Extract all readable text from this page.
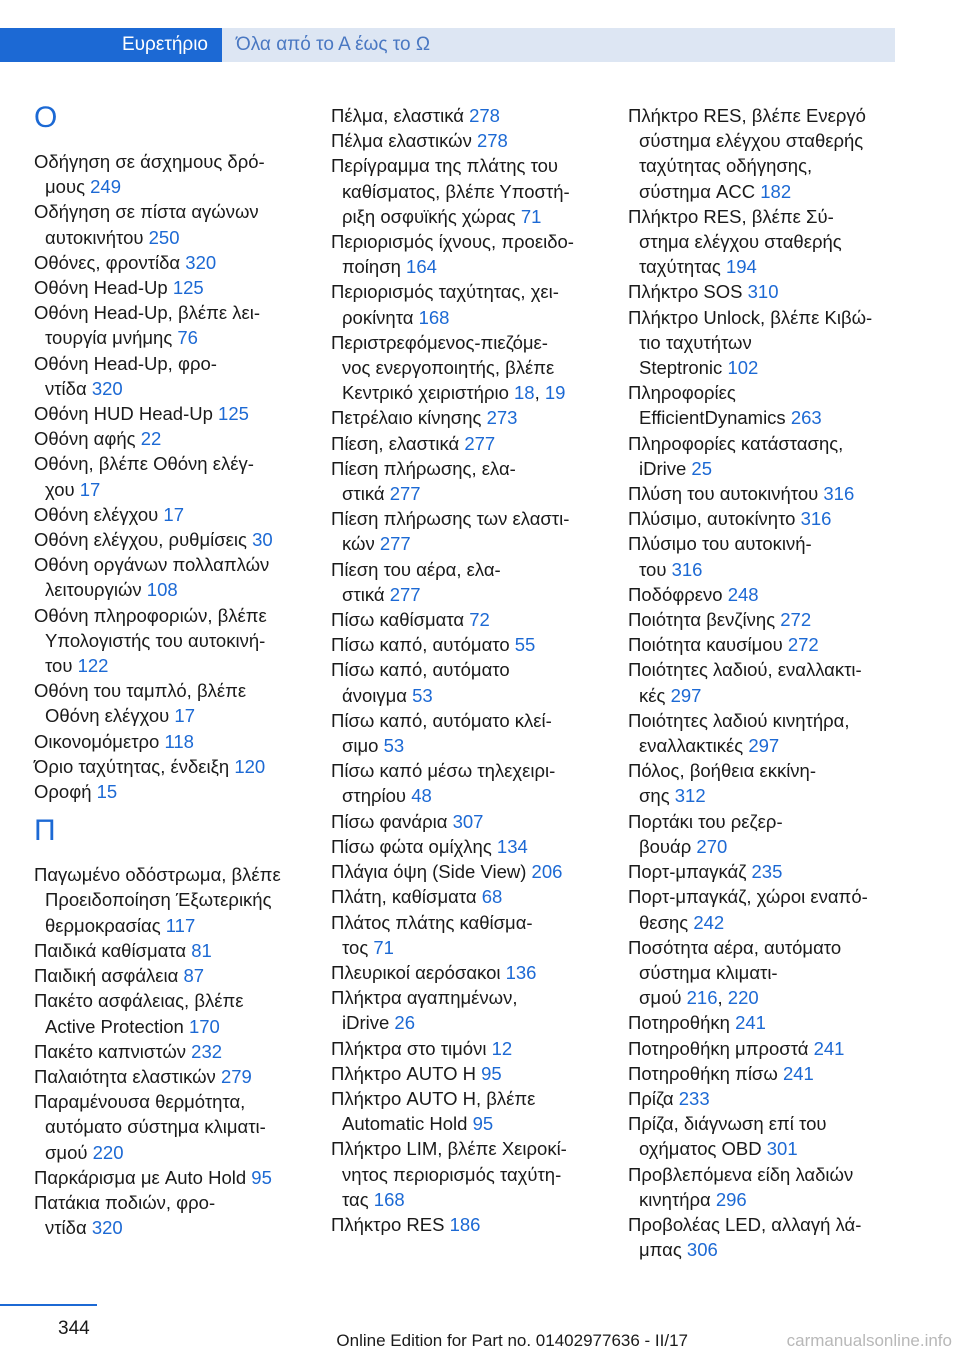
Ευρετήριο	Όλα από το Α έως το Ω
Ο
Οδήγηση σε άσχημους δρό-
μους 249
Οδήγηση σε πίστα αγώνων
αυτοκινήτου 250
Οθόνες, φροντίδα 320
Οθόνη Head-Up 125
Οθόνη Head-Up, βλέπε λει-
τουργία μνήμης 76
Οθόνη Head-Up, φρο-
ντίδα 320
Οθόνη HUD Head-Up 125
Οθόνη αφής 22
Οθόνη, βλέπε Οθόνη ελέγ-
χου 17
Οθόνη ελέγχου 17
Οθόνη ελέγχου, ρυθμίσεις 30
Οθόνη οργάνων πολλαπλών
λειτουργιών 108
Οθόνη πληροφοριών, βλέπε
Υπολογιστής του αυτοκινή-
του 122
Οθόνη του ταμπλό, βλέπε
Οθόνη ελέγχου 17
Οικονομόμετρο 118
Όριο ταχύτητας, ένδειξη 120
Οροφή 15
Π
Παγωμένο οδόστρωμα, βλέπε
Προειδοποίηση Έξωτερικής
θερμοκρασίας 117
Παιδικά καθίσματα 81
Παιδική ασφάλεια 87
Πακέτο ασφάλειας, βλέπε
Active Protection 170
Πακέτο καπνιστών 232
Παλαιότητα ελαστικών 279
Παραμένουσα θερμότητα,
αυτόματο σύστημα κλιματι-
σμού 220
Παρκάρισμα με Auto Hold 95
Πατάκια ποδιών, φρο-
ντίδα 320
Πέλμα, ελαστικά 278
Πέλμα ελαστικών 278
Περίγραμμα της πλάτης του
καθίσματος, βλέπε Υποστή-
ριξη οσφυϊκής χώρας 71
Περιορισμός ίχνους, προειδο-
ποίηση 164
Περιορισμός ταχύτητας, χει-
ροκίνητα 168
Περιστρεφόμενος-πιεζόμε-
νος ενεργοποιητής, βλέπε
Κεντρικό χειριστήριο 18, 19
Πετρέλαιο κίνησης 273
Πίεση, ελαστικά 277
Πίεση πλήρωσης, ελα-
στικά 277
Πίεση πλήρωσης των ελαστι-
κών 277
Πίεση του αέρα, ελα-
στικά 277
Πίσω καθίσματα 72
Πίσω καπό, αυτόματο 55
Πίσω καπό, αυτόματο
άνοιγμα 53
Πίσω καπό, αυτόματο κλεί-
σιμο 53
Πίσω καπό μέσω τηλεχειρι-
στηρίου 48
Πίσω φανάρια 307
Πίσω φώτα ομίχλης 134
Πλάγια όψη (Side View) 206
Πλάτη, καθίσματα 68
Πλάτος πλάτης καθίσμα-
τος 71
Πλευρικοί αερόσακοι 136
Πλήκτρα αγαπημένων,
iDrive 26
Πλήκτρα στο τιμόνι 12
Πλήκτρο AUTO H 95
Πλήκτρο AUTO H, βλέπε
Automatic Hold 95
Πλήκτρο LIM, βλέπε Χειροκί-
νητος περιορισμός ταχύτη-
τας 168
Πλήκτρο RES 186
Πλήκτρο RES, βλέπε Ενεργό
σύστημα ελέγχου σταθερής
ταχύτητας οδήγησης,
σύστημα ACC 182
Πλήκτρο RES, βλέπε Σύ-
στημα ελέγχου σταθερής
ταχύτητας 194
Πλήκτρο SOS 310
Πλήκτρο Unlock, βλέπε Κιβώ-
τιο ταχυτήτων
Steptronic 102
Πληροφορίες
EfficientDynamics 263
Πληροφορίες κατάστασης,
iDrive 25
Πλύση του αυτοκινήτου 316
Πλύσιμο, αυτοκίνητο 316
Πλύσιμο του αυτοκινή-
του 316
Ποδόφρενο 248
Ποιότητα βενζίνης 272
Ποιότητα καυσίμου 272
Ποιότητες λαδιού, εναλλακτι-
κές 297
Ποιότητες λαδιού κινητήρα,
εναλλακτικές 297
Πόλος, βοήθεια εκκίνη-
σης 312
Πορτάκι του ρεζερ-
βουάρ 270
Πορτ-μπαγκάζ 235
Πορτ-μπαγκάζ, χώροι εναπό-
θεσης 242
Ποσότητα αέρα, αυτόματο
σύστημα κλιματι-
σμού 216, 220
Ποτηροθήκη 241
Ποτηροθήκη μπροστά 241
Ποτηροθήκη πίσω 241
Πρίζα 233
Πρίζα, διάγνωση επί του
οχήματος OBD 301
Προβλεπόμενα είδη λαδιών
κινητήρα 296
Προβολέας LED, αλλαγή λά-
μπας 306
344
Online Edition for Part no. 01402977636 - II/17	carmanualsonline.info
